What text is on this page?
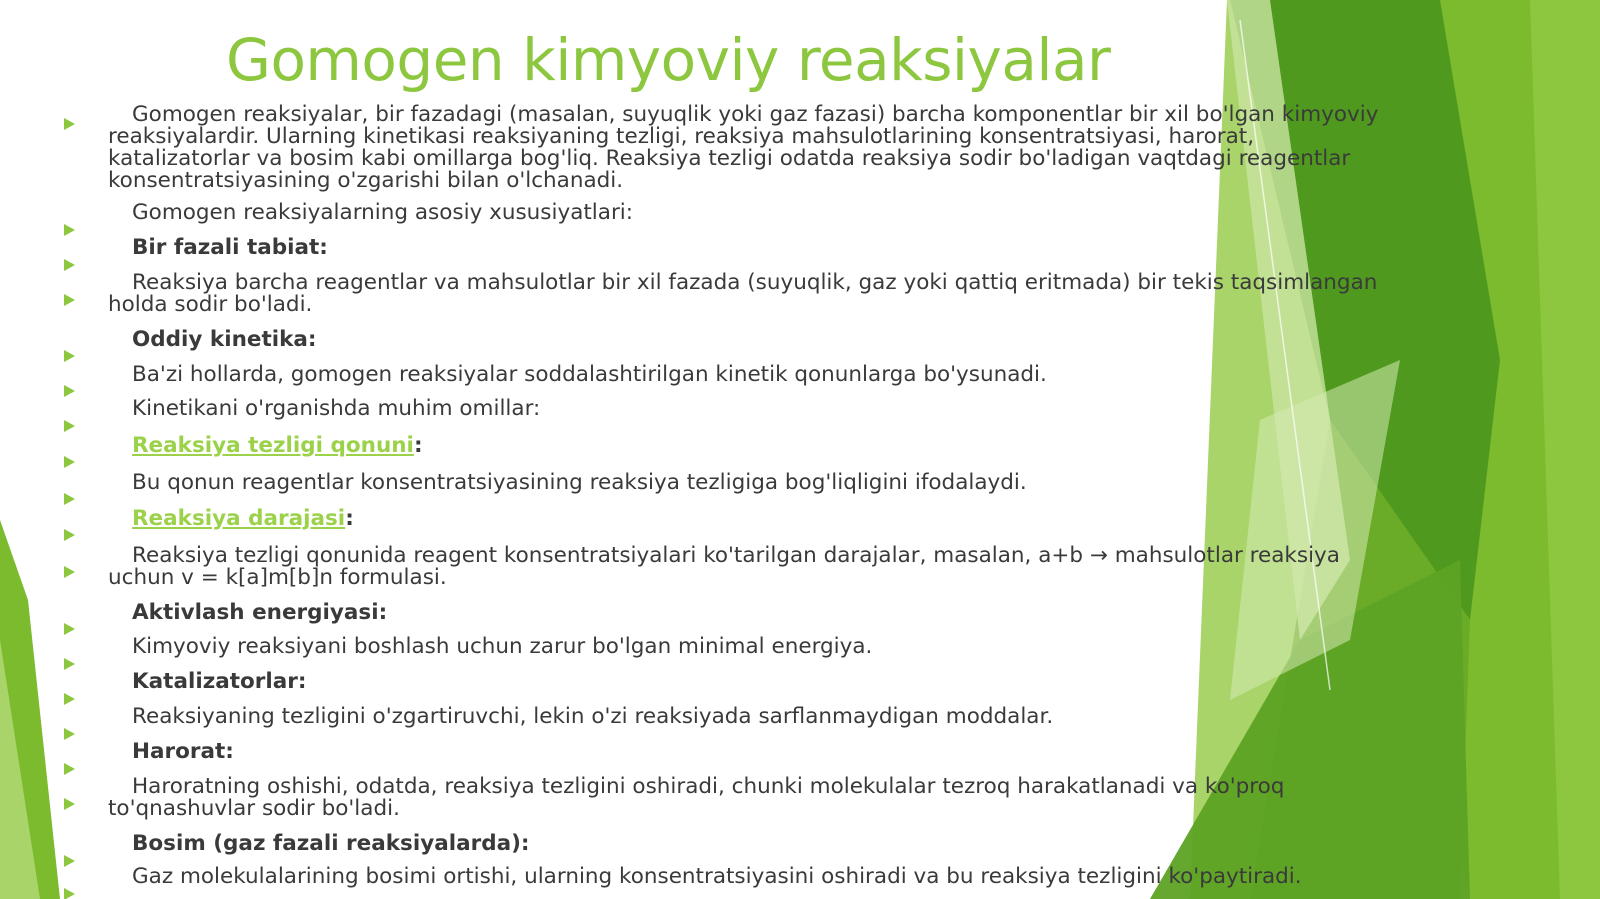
Gomogen kimyoviy reaksiyalar
Gomogen reaksiyalar, bir fazadagi (masalan, suyuqlik yoki gaz fazasi) barcha komponentlar bir xil bo'lgan kimyoviy reaksiyalardir. Ularning kinetikasi reaksiyaning tezligi, reaksiya mahsulotlarining konsentratsiyasi, harorat, katalizatorlar va bosim kabi omillarga bog'liq. Reaksiya tezligi odatda reaksiya sodir bo'ladigan vaqtdagi reagentlar konsentratsiyasining o'zgarishi bilan o'lchanadi.
Gomogen reaksiyalarning asosiy xususiyatlari:
Bir fazali tabiat:
Reaksiya barcha reagentlar va mahsulotlar bir xil fazada (suyuqlik, gaz yoki qattiq eritmada) bir tekis taqsimlangan holda sodir bo'ladi.
Oddiy kinetika:
Ba'zi hollarda, gomogen reaksiyalar soddalashtirilgan kinetik qonunlarga bo'ysunadi.
Kinetikani o'rganishda muhim omillar:
Reaksiya tezligi qonuni:
Bu qonun reagentlar konsentratsiyasining reaksiya tezligiga bog'liqligini ifodalaydi.
Reaksiya darajasi:
Reaksiya tezligi qonunida reagent konsentratsiyalari ko'tarilgan darajalar, masalan, a+b → mahsulotlar reaksiya uchun v = k[a]m[b]n formulasi.
Aktivlash energiyasi:
Kimyoviy reaksiyani boshlash uchun zarur bo'lgan minimal energiya.
Katalizatorlar:
Reaksiyaning tezligini o'zgartiruvchi, lekin o'zi reaksiyada sarflanmaydigan moddalar.
Harorat:
Haroratning oshishi, odatda, reaksiya tezligini oshiradi, chunki molekulalar tezroq harakatlanadi va ko'proq to'qnashuvlar sodir bo'ladi.
Bosim (gaz fazali reaksiyalarda):
Gaz molekulalarining bosimi ortishi, ularning konsentratsiyasini oshiradi va bu reaksiya tezligini ko'paytiradi.
